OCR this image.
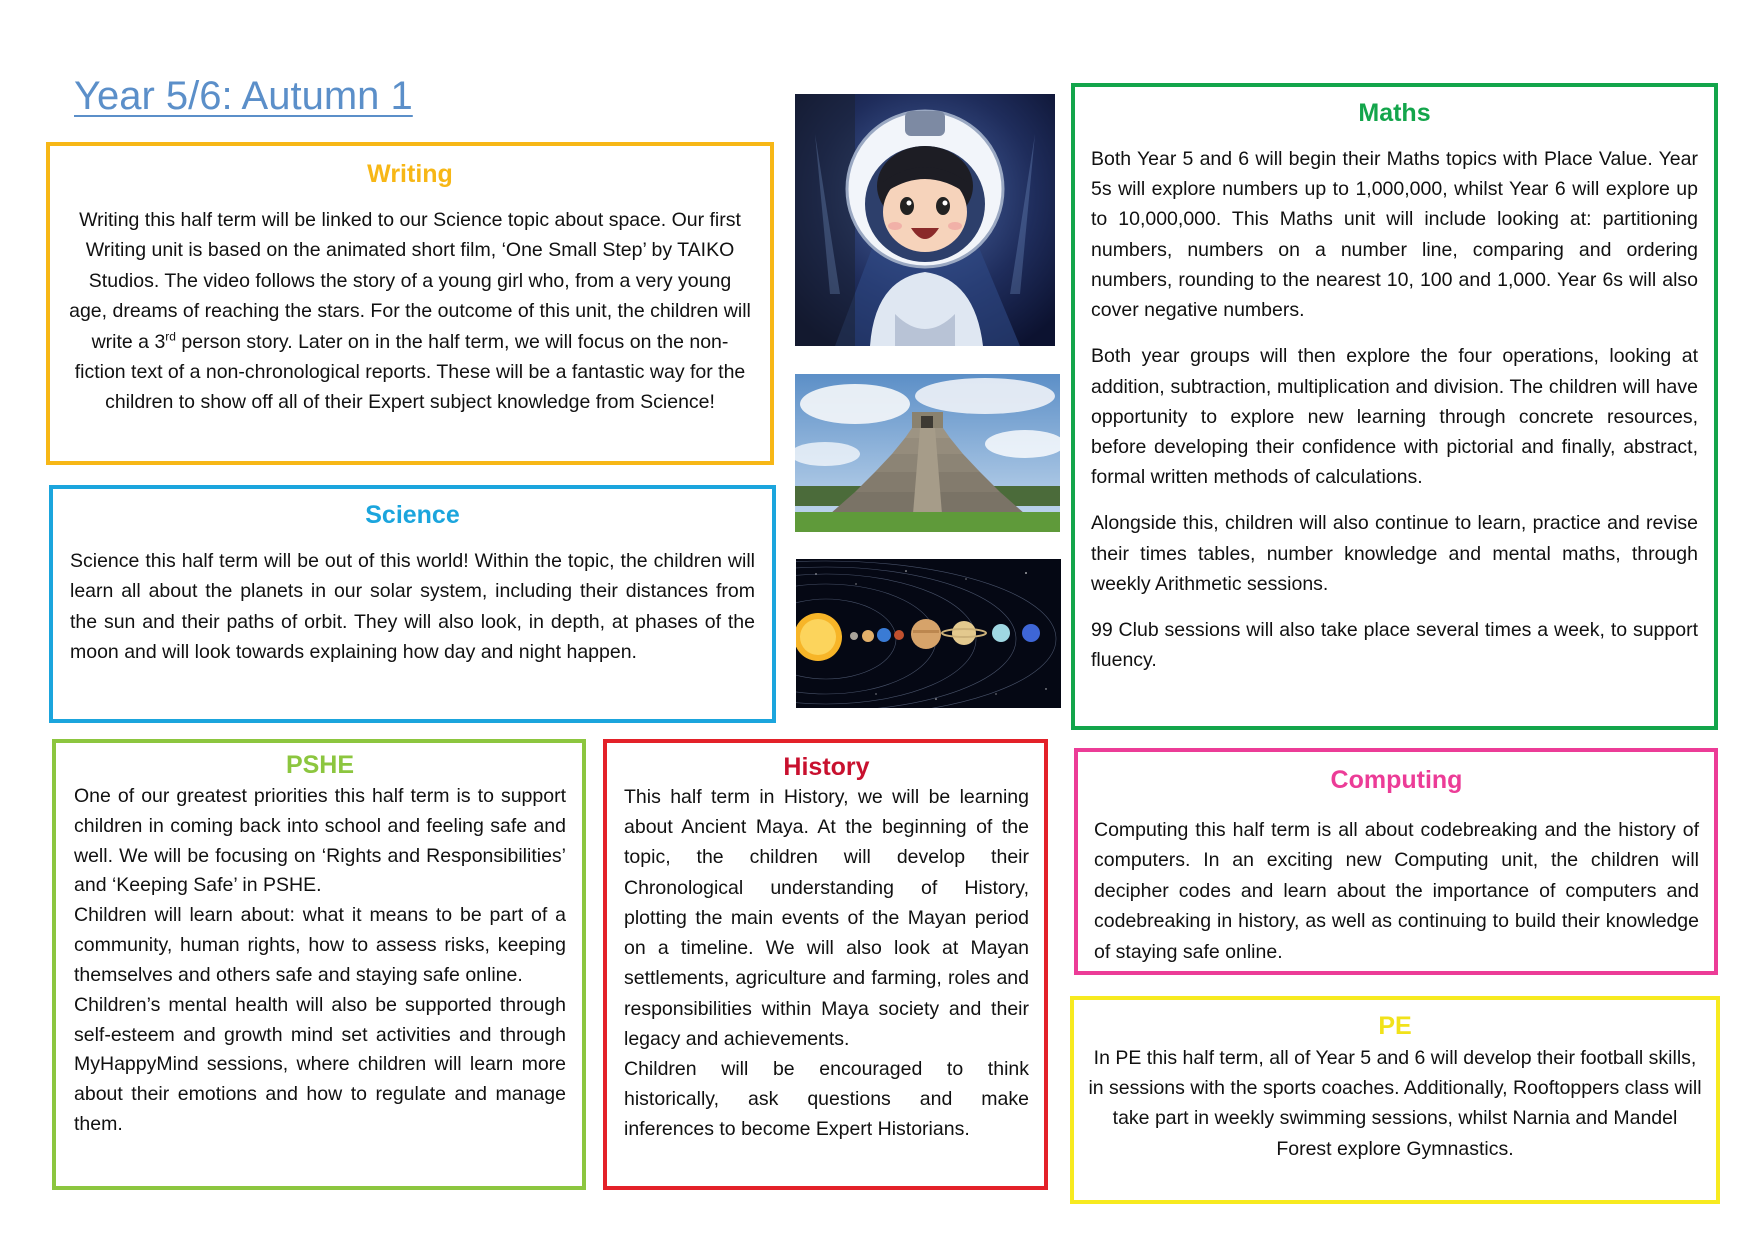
Year 5/6: Autumn 1
Writing

Writing this half term will be linked to our Science topic about space. Our first Writing unit is based on the animated short film, ‘One Small Step’ by TAIKO Studios. The video follows the story of a young girl who, from a very young age, dreams of reaching the stars. For the outcome of this unit, the children will write a 3rd person story. Later on in the half term, we will focus on the non-fiction text of a non-chronological reports. These will be a fantastic way for the children to show off all of their Expert subject knowledge from Science!

Science

Science this half term will be out of this world! Within the topic, the children will learn all about the planets in our solar system, including their distances from the sun and their paths of orbit. They will also look, in depth, at phases of the moon and will look towards explaining how day and night happen.

PSHE

One of our greatest priorities this half term is to support children in coming back into school and feeling safe and well. We will be focusing on ‘Rights and Responsibilities’ and ‘Keeping Safe’ in PSHE.

Children will learn about: what it means to be part of a community, human rights, how to assess risks, keeping themselves and others safe and staying safe online.

Children’s mental health will also be supported through self-esteem and growth mind set activities and through MyHappyMind sessions, where children will learn more about their emotions and how to regulate and manage them.

History

This half term in History, we will be learning about Ancient Maya. At the beginning of the topic, the children will develop their Chronological understanding of History, plotting the main events of the Mayan period on a timeline. We will also look at Mayan settlements, agriculture and farming, roles and responsibilities within Maya society and their legacy and achievements.

Children will be encouraged to think historically, ask questions and make inferences to become Expert Historians.

Maths

Both Year 5 and 6 will begin their Maths topics with Place Value. Year 5s will explore numbers up to 1,000,000, whilst Year 6 will explore up to 10,000,000. This Maths unit will include looking at: partitioning numbers, numbers on a number line, comparing and ordering numbers, rounding to the nearest 10, 100 and 1,000. Year 6s will also cover negative numbers.

Both year groups will then explore the four operations, looking at addition, subtraction, multiplication and division. The children will have opportunity to explore new learning through concrete resources, before developing their confidence with pictorial and finally, abstract, formal written methods of calculations.

Alongside this, children will also continue to learn, practice and revise their times tables, number knowledge and mental maths, through weekly Arithmetic sessions.

99 Club sessions will also take place several times a week, to support fluency.

Computing

Computing this half term is all about codebreaking and the history of computers. In an exciting new Computing unit, the children will decipher codes and learn about the importance of computers and codebreaking in history, as well as continuing to build their knowledge of staying safe online.

PE

In PE this half term, all of Year 5 and 6 will develop their football skills, in sessions with the sports coaches. Additionally, Rooftoppers class will take part in weekly swimming sessions, whilst Narnia and Mandel Forest explore Gymnastics.
